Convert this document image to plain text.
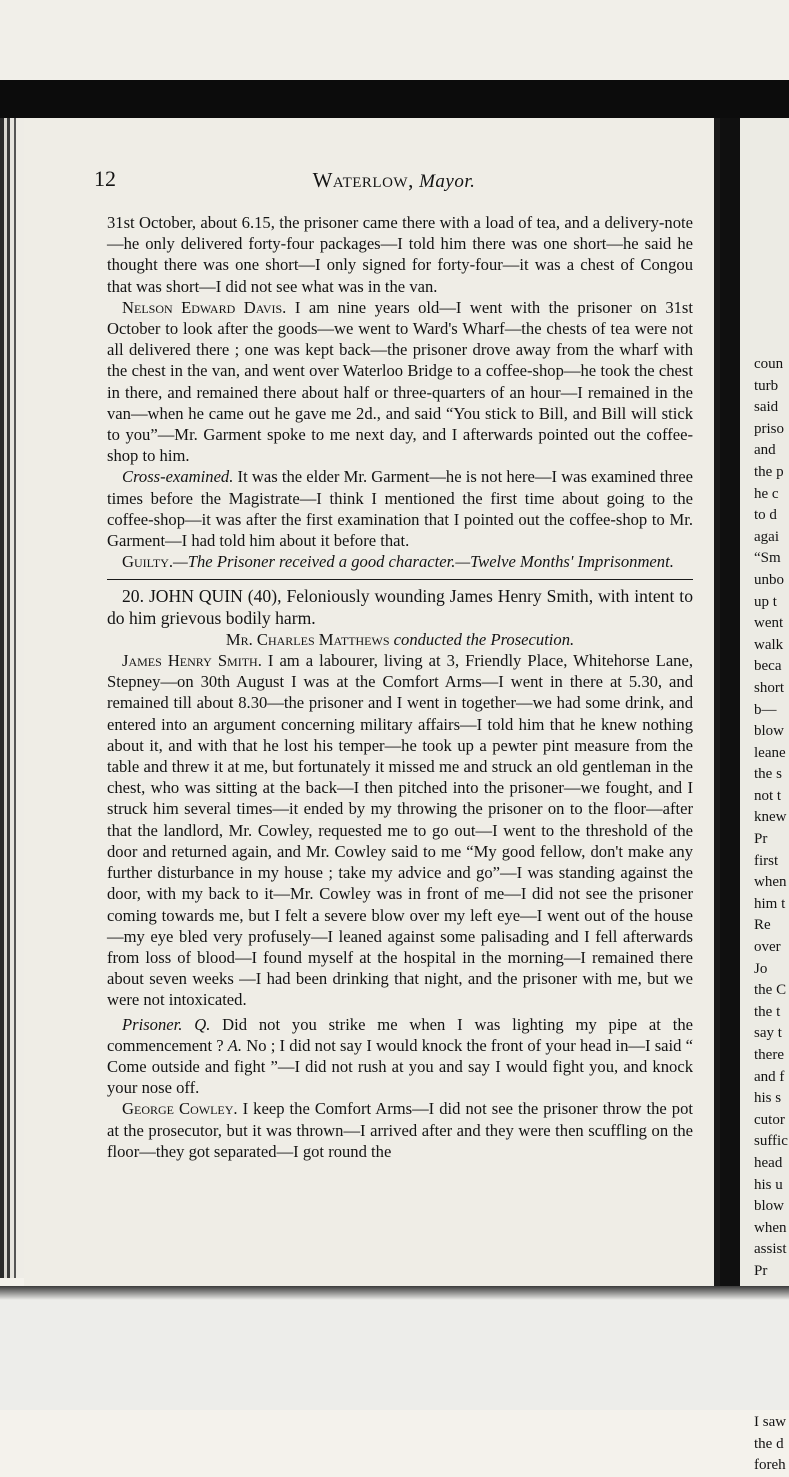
coun
turb
said
priso
and
the p
he c
to d
agai
“Sm
unbo
up t
went
walk
beca
short
b—
blow
leane
the s
not t
knew
Pr
first
when
him t
Re
over
Jo
the C
the t
say t
there
and f
his s
cutor
suffic
head
his u
blow
when
assist
Pr
I saw
the d
foreh
12	Waterlow, Mayor.

31st October, about 6.15, the prisoner came there with a load of tea, and a delivery-note—he only delivered forty-four packages—I told him there was one short—he said he thought there was one short—I only signed for forty-four—it was a chest of Congou that was short—I did not see what was in the van.

Nelson Edward Davis. I am nine years old—I went with the prisoner on 31st October to look after the goods—we went to Ward's Wharf—the chests of tea were not all delivered there ; one was kept back—the prisoner drove away from the wharf with the chest in the van, and went over Waterloo Bridge to a coffee-shop—he took the chest in there, and remained there about half or three-quarters of an hour—I remained in the van—when he came out he gave me 2d., and said “You stick to Bill, and Bill will stick to you”—Mr. Garment spoke to me next day, and I afterwards pointed out the coffee-shop to him.

Cross-examined. It was the elder Mr. Garment—he is not here—I was examined three times before the Magistrate—I think I mentioned the first time about going to the coffee-shop—it was after the first examination that I pointed out the coffee-shop to Mr. Garment—I had told him about it before that.

Guilty.—The Prisoner received a good character.—Twelve Months' Imprisonment.

20. JOHN QUIN (40), Feloniously wounding James Henry Smith, with intent to do him grievous bodily harm.

Mr. Charles Matthews conducted the Prosecution.

James Henry Smith. I am a labourer, living at 3, Friendly Place, Whitehorse Lane, Stepney—on 30th August I was at the Comfort Arms—I went in there at 5.30, and remained till about 8.30—the prisoner and I went in together—we had some drink, and entered into an argument concerning military affairs—I told him that he knew nothing about it, and with that he lost his temper—he took up a pewter pint measure from the table and threw it at me, but fortunately it missed me and struck an old gentleman in the chest, who was sitting at the back—I then pitched into the prisoner—we fought, and I struck him several times—it ended by my throwing the prisoner on to the floor—after that the landlord, Mr. Cowley, requested me to go out—I went to the threshold of the door and returned again, and Mr. Cowley said to me “My good fellow, don't make any further disturbance in my house ; take my advice and go”—I was standing against the door, with my back to it—Mr. Cowley was in front of me—I did not see the prisoner coming towards me, but I felt a severe blow over my left eye—I went out of the house—my eye bled very profusely—I leaned against some palisading and I fell afterwards from loss of blood—I found myself at the hospital in the morning—I remained there about seven weeks —I had been drinking that night, and the prisoner with me, but we were not intoxicated.

Prisoner. Q. Did not you strike me when I was lighting my pipe at the commencement ? A. No ; I did not say I would knock the front of your head in—I said “ Come outside and fight ”—I did not rush at you and say I would fight you, and knock your nose off.

George Cowley. I keep the Comfort Arms—I did not see the prisoner throw the pot at the prosecutor, but it was thrown—I arrived after and they were then scuffling on the floor—they got separated—I got round the
